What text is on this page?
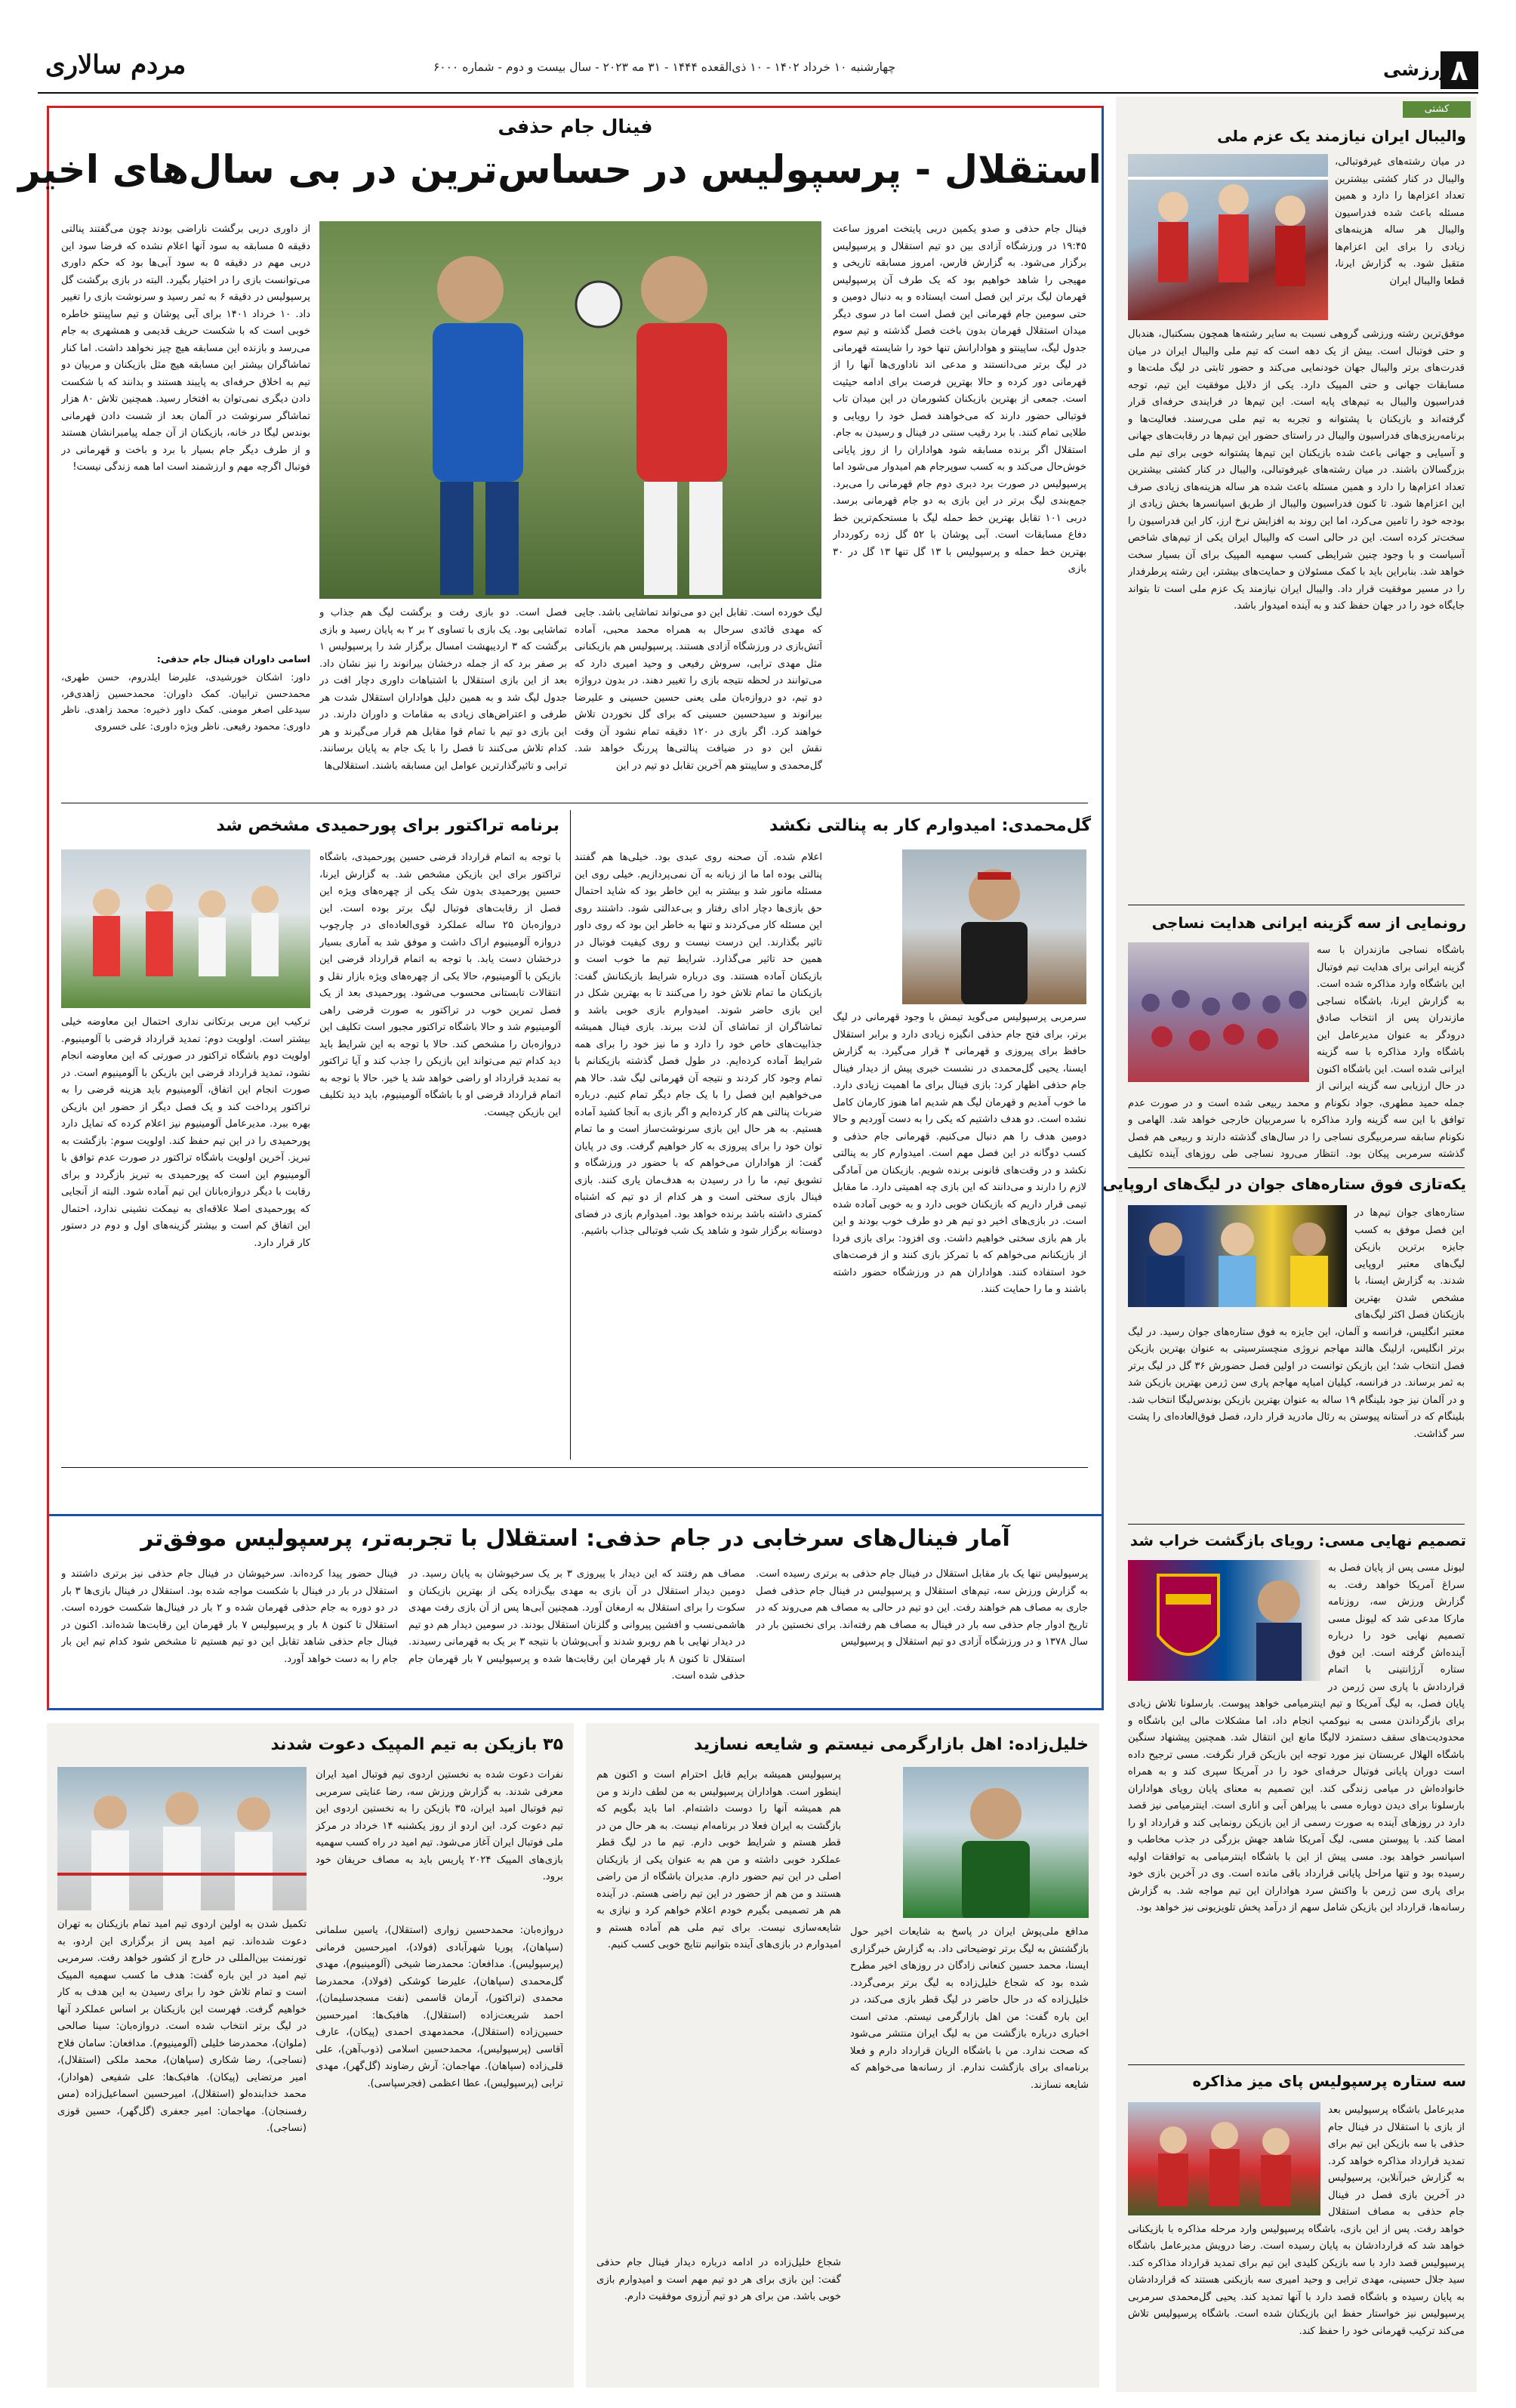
۸
ورزشی
چهارشنبه ۱۰ خرداد ۱۴۰۲ - ۱۰ ذی‌القعده ۱۴۴۴ - ۳۱ مه ۲۰۲۳ - سال بیست و دوم - شماره ۶۰۰۰
مردم سالاری
کشتی
والیبال ایران نیازمند یک عزم ملی
در میان رشته‌های غیرفوتبالی، والیبال در کنار کشتی بیشترین تعداد اعزام‌ها را دارد و همین مسئله باعث شده فدراسیون والیبال هر ساله هزینه‌های زیادی را برای این اعزام‌ها متقبل شود. به گزارش ایرنا، قطعا والیبال ایران
موفق‌ترین رشته ورزشی گروهی نسبت به سایر رشته‌ها همچون بسکتبال، هندبال و حتی فوتبال است. بیش از یک دهه است که تیم ملی والیبال ایران در میان قدرت‌های برتر والیبال جهان خودنمایی می‌کند و حضور ثابتی در لیگ ملت‌ها و مسابقات جهانی و حتی المپیک دارد. یکی از دلایل موفقیت این تیم، توجه فدراسیون والیبال به تیم‌های پایه است. این تیم‌ها در فرایندی حرفه‌ای قرار گرفته‌اند و بازیکنان با پشتوانه و تجربه به تیم ملی می‌رسند. فعالیت‌ها و برنامه‌ریزی‌های فدراسیون والیبال در راستای حضور این تیم‌ها در رقابت‌های جهانی و آسیایی و جهانی باعث شده بازیکنان این تیم‌ها پشتوانه خوبی برای تیم ملی بزرگسالان باشند. در میان رشته‌های غیرفوتبالی، والیبال در کنار کشتی بیشترین تعداد اعزام‌ها را دارد و همین مسئله باعث شده هر ساله هزینه‌های زیادی صرف این اعزام‌ها شود. تا کنون فدراسیون والیبال از طریق اسپانسرها بخش زیادی از بودجه خود را تامین می‌کرد، اما این روند به افزایش نرخ ارز، کار این فدراسیون را سخت‌تر کرده است. این در حالی است که والیبال ایران یکی از تیم‌های شاخص آسیاست و با وجود چنین شرایطی کسب سهمیه المپیک برای آن بسیار سخت خواهد شد. بنابراین باید با کمک مسئولان و حمایت‌های بیشتر، این رشته پرطرفدار را در مسیر موفقیت قرار داد. والیبال ایران نیازمند یک عزم ملی است تا بتواند جایگاه خود را در جهان حفظ کند و به آینده امیدوار باشد.
رونمایی از سه گزینه ایرانی هدایت نساجی
باشگاه نساجی مازندران با سه گزینه ایرانی برای هدایت تیم فوتبال این باشگاه وارد مذاکره شده است. به گزارش ایرنا، باشگاه نساجی مازندران پس از انتخاب صادق درودگر به عنوان مدیرعامل این باشگاه وارد مذاکره با سه گزینه ایرانی شده است. این باشگاه اکنون در حال ارزیابی سه گزینه ایرانی از جمله حمید مطهری، جواد نکونام و محمد ربیعی شده است و در صورت عدم توافق با این سه گزینه وارد مذاکره با سرمربیان خارجی خواهد شد. الهامی و نکونام سابقه سرمربیگری نساجی را در سال‌های گذشته دارند و ربیعی هم فصل گذشته سرمربی پیکان بود. انتظار می‌رود نساجی طی روزهای آینده تکلیف
یکه‌تازی فوق ستاره‌های جوان در لیگ‌های اروپایی
ستاره‌های جوان تیم‌ها در این فصل موفق به کسب جایزه برترین بازیکن لیگ‌های معتبر اروپایی شدند. به گزارش ایسنا، با مشخص شدن بهترین بازیکنان فصل اکثر لیگ‌های معتبر انگلیس، فرانسه و آلمان، این جایزه به فوق ستاره‌های جوان رسید. در لیگ برتر انگلیس، ارلینگ هالند مهاجم نروژی منچسترسیتی به عنوان بهترین بازیکن فصل انتخاب شد؛ این بازیکن توانست در اولین فصل حضورش ۳۶ گل در لیگ برتر به ثمر برساند. در فرانسه، کیلیان امباپه مهاجم پاری سن ژرمن بهترین بازیکن شد و در آلمان نیز جود بلینگام ۱۹ ساله به عنوان بهترین بازیکن بوندس‌لیگا انتخاب شد. بلینگام که در آستانه پیوستن به رئال مادرید قرار دارد، فصل فوق‌العاده‌ای را پشت سر گذاشت.
تصمیم نهایی مسی: رویای بازگشت خراب شد
لیونل مسی پس از پایان فصل به سراغ آمریکا خواهد رفت. به گزارش ورزش سه، روزنامه مارکا مدعی شد که لیونل مسی تصمیم نهایی خود را درباره آینده‌اش گرفته است. این فوق ستاره آرژانتینی با اتمام قراردادش با پاری سن ژرمن در پایان فصل، به لیگ آمریکا و تیم اینترمیامی خواهد پیوست. بارسلونا تلاش زیادی برای بازگرداندن مسی به نیوکمپ انجام داد، اما مشکلات مالی این باشگاه و محدودیت‌های سقف دستمزد لالیگا مانع این انتقال شد. همچنین پیشنهاد سنگین باشگاه الهلال عربستان نیز مورد توجه این بازیکن قرار نگرفت. مسی ترجیح داده است دوران پایانی فوتبال حرفه‌ای خود را در آمریکا سپری کند و به همراه خانواده‌اش در میامی زندگی کند. این تصمیم به معنای پایان رویای هواداران بارسلونا برای دیدن دوباره مسی با پیراهن آبی و اناری است. اینترمیامی نیز قصد دارد در روزهای آینده به صورت رسمی از این بازیکن رونمایی کند و قرارداد او را امضا کند. با پیوستن مسی، لیگ آمریکا شاهد جهش بزرگی در جذب مخاطب و اسپانسر خواهد بود. مسی پیش از این با باشگاه اینترمیامی به توافقات اولیه رسیده بود و تنها مراحل پایانی قرارداد باقی مانده است. وی در آخرین بازی خود برای پاری سن ژرمن با واکنش سرد هواداران این تیم مواجه شد. به گزارش رسانه‌ها، قرارداد این بازیکن شامل سهم از درآمد پخش تلویزیونی نیز خواهد بود.
سه ستاره پرسپولیس پای میز مذاکره
مدیرعامل باشگاه پرسپولیس بعد از بازی با استقلال در فینال جام حذفی با سه بازیکن این تیم برای تمدید قرارداد مذاکره خواهد کرد. به گزارش خبرآنلاین، پرسپولیس در آخرین بازی فصل در فینال جام حذفی به مصاف استقلال خواهد رفت. پس از این بازی، باشگاه پرسپولیس وارد مرحله مذاکره با بازیکنانی خواهد شد که قراردادشان به پایان رسیده است. رضا درویش مدیرعامل باشگاه پرسپولیس قصد دارد با سه بازیکن کلیدی این تیم برای تمدید قرارداد مذاکره کند. سید جلال حسینی، مهدی ترابی و وحید امیری سه بازیکنی هستند که قراردادشان به پایان رسیده و باشگاه قصد دارد با آنها تمدید کند. یحیی گل‌محمدی سرمربی پرسپولیس نیز خواستار حفظ این بازیکنان شده است. باشگاه پرسپولیس تلاش می‌کند ترکیب قهرمانی خود را حفظ کند.
فینال جام حذفی
استقلال - پرسپولیس در حساس‌ترین در بی سال‌های اخیر
فینال جام حذفی و صدو یکمین دربی پایتخت امروز ساعت ۱۹:۴۵ در ورزشگاه آزادی بین دو تیم استقلال و پرسپولیس برگزار می‌شود. به گزارش فارس، امروز مسابقه تاریخی و مهیجی را شاهد خواهیم بود که یک طرف آن پرسپولیس قهرمان لیگ برتر این فصل است ایستاده و به دنبال دومین و حتی سومین جام قهرمانی این فصل است اما در سوی دیگر میدان استقلال قهرمان بدون باخت فصل گذشته و تیم سوم جدول لیگ، ساپینتو و هوادارانش تنها خود را شایسته قهرمانی در لیگ برتر می‌دانستند و مدعی اند ناداوری‌ها آنها را از قهرمانی دور کرده و حالا بهترین فرصت برای ادامه حیثیت است. جمعی از بهترین بازیکنان کشورمان در این میدان تاب فوتبالی حضور دارند که می‌خواهند فصل خود را رویایی و طلایی تمام کنند. با برد رقیب سنتی در فینال و رسیدن به جام. استقلال اگر برنده مسابقه شود هواداران را از روز پایانی خوش‌حال می‌کند و به کسب سوپرجام هم امیدوار می‌شود اما پرسپولیس در صورت برد دبری دوم جام قهرمانی را می‌برد. جمع‌بندی لیگ برتر در این بازی به دو جام قهرمانی برسد. دربی ۱۰۱ تقابل بهترین خط حمله لیگ با مستحکم‌ترین خط دفاع مسابقات است. آبی پوشان با ۵۲ گل زده رکورددار بهترین خط حمله و پرسپولیس با ۱۳ گل تنها ۱۳ گل در ۳۰ بازی
از داوری دربی برگشت ناراضی بودند چون می‌گفتند پنالتی دقیقه ۵ مسابقه به سود آنها اعلام نشده که فرضا سود این دربی مهم در دقیقه ۵ به سود آبی‌ها بود که حکم داوری می‌توانست بازی را در اختیار بگیرد. البته در بازی برگشت گل پرسپولیس در دقیقه ۶ به ثمر رسید و سرنوشت بازی را تغییر داد. ۱۰ خرداد ۱۴۰۱ برای آبی پوشان و تیم ساپینتو خاطره خوبی است که با شکست حریف قدیمی و همشهری به جام می‌رسد و بازنده این مسابقه هیچ چیز نخواهد داشت. اما کنار تماشاگران بیشتر این مسابقه هیچ مثل بازیکنان و مربیان دو تیم به اخلاق حرفه‌ای به پایبند هستند و بدانند که با شکست دادن دیگری نمی‌توان به افتخار رسید. همچنین تلاش ۸۰ هزار تماشاگر سرنوشت در آلمان بعد از شست دادن قهرمانی بوندس لیگا در خانه، بازیکنان از آن جمله پیامبرانشان هستند و از طرف دیگر جام بسیار با برد و باخت و قهرمانی در فوتبال اگرچه مهم و ارزشمند است اما همه زندگی نیست!
اسامی داوران فینال جام حذفی:
داور: اشکان خورشیدی، علیرضا ایلدروم، حسن طهری، محمدحسن ترابیان. کمک داوران: محمدحسین زاهدی‌فر، سیدعلی اصغر مومنی. کمک داور ذخیره: محمد زاهدی. ناظر داوری: محمود رفیعی. ناظر ویژه داوری: علی خسروی
لیگ خورده است. تقابل این دو می‌تواند تماشایی باشد. جایی که مهدی قائدی سرحال به همراه محمد محبی، آماده آتش‌بازی در ورزشگاه آزادی هستند. پرسپولیس هم بازیکنانی مثل مهدی ترابی، سروش رفیعی و وحید امیری دارد که می‌توانند در لحظه نتیجه بازی را تغییر دهند. در بدون درواژه دو تیم، دو دروازه‌بان ملی یعنی حسین حسینی و علیرضا بیرانوند و سیدحسین حسینی که برای گل نخوردن تلاش خواهند کرد. اگر بازی در ۱۲۰ دقیقه تمام نشود آن وقت نقش این دو در ضیافت پنالتی‌ها پررنگ خواهد شد. گل‌محمدی و ساپینتو هم آخرین تقابل دو تیم در این
فصل است. دو بازی رفت و برگشت لیگ هم جذاب و تماشایی بود. یک بازی با تساوی ۲ بر ۲ به پایان رسید و بازی برگشت که ۳ اردیبهشت امسال برگزار شد را پرسپولیس ۱ بر صفر برد که از جمله درخشان بیرانوند را نیز نشان داد. بعد از این بازی استقلال با اشتباهات داوری دچار افت در جدول لیگ شد و به همین دلیل هواداران استقلال شدت هر طرفی و اعتراض‌های زیادی به مقامات و داوران دارند. در این بازی دو تیم با تمام قوا مقابل هم قرار می‌گیرند و هر کدام تلاش می‌کنند تا فصل را با یک جام به پایان برسانند. ترابی و تاثیرگذارترین عوامل این مسابقه باشند. استقلالی‌ها
گل‌محمدی: امیدوارم کار به پنالتی نکشد
سرمربی پرسپولیس می‌گوید تیمش با وجود قهرمانی در لیگ برتر، برای فتح جام حذفی انگیزه زیادی دارد و برابر استقلال حافظ برای پیروزی و قهرمانی ۴ قرار می‌گیرد. به گزارش ایسنا، یحیی گل‌محمدی در نشست خبری پیش از دیدار فینال جام حذفی اظهار کرد: بازی فینال برای ما اهمیت زیادی دارد. ما خوب آمدیم و قهرمان لیگ هم شدیم اما هنوز کارمان کامل نشده است. دو هدف داشتیم که یکی را به دست آوردیم و حالا دومین هدف را هم دنبال می‌کنیم. قهرمانی جام حذفی و کسب دوگانه در این فصل مهم است. امیدوارم کار به پنالتی نکشد و در وقت‌های قانونی برنده شویم. بازیکنان من آمادگی لازم را دارند و می‌دانند که این بازی چه اهمیتی دارد. ما مقابل تیمی قرار داریم که بازیکنان خوبی دارد و به خوبی آماده شده است. در بازی‌های اخیر دو تیم هر دو طرف خوب بودند و این بار هم بازی سختی خواهیم داشت. وی افزود: برای بازی فردا از بازیکنانم می‌خواهم که با تمرکز بازی کنند و از فرصت‌های خود استفاده کنند. هواداران هم در ورزشگاه حضور داشته باشند و ما را حمایت کنند.
اعلام شده. آن صحنه روی عبدی بود. خیلی‌ها هم گفتند پنالتی بوده اما ما از زبانه به آن نمی‌پردازیم. خیلی روی این مسئله مانور شد و بیشتر به این خاطر بود که شاید احتمال حق بازی‌ها دچار ادای رفتار و بی‌عدالتی شود. داشتند روی این مسئله کار می‌کردند و تنها به خاطر این بود که روی داور تاثیر بگذارند. این درست نیست و روی کیفیت فوتبال در همین حد تاثیر می‌گذارد. شرایط تیم ما خوب است و بازیکنان آماده هستند. وی درباره شرایط بازیکنانش گفت: بازیکنان ما تمام تلاش خود را می‌کنند تا به بهترین شکل در این بازی حاضر شوند. امیدوارم بازی خوبی باشد و تماشاگران از تماشای آن لذت ببرند. بازی فینال همیشه جذابیت‌های خاص خود را دارد و ما نیز خود را برای همه شرایط آماده کرده‌ایم. در طول فصل گذشته بازیکنانم با تمام وجود کار کردند و نتیجه آن قهرمانی لیگ شد. حالا هم می‌خواهیم این فصل را با یک جام دیگر تمام کنیم. درباره ضربات پنالتی هم کار کرده‌ایم و اگر بازی به آنجا کشید آماده هستیم. به هر حال این بازی سرنوشت‌ساز است و ما تمام توان خود را برای پیروزی به کار خواهیم گرفت. وی در پایان گفت: از هواداران می‌خواهم که با حضور در ورزشگاه و تشویق تیم، ما را در رسیدن به هدف‌مان یاری کنند. بازی فینال بازی سختی است و هر کدام از دو تیم که اشتباه کمتری داشته باشد برنده خواهد بود. امیدوارم بازی در فضای دوستانه برگزار شود و شاهد یک شب فوتبالی جذاب باشیم.
برنامه تراکتور برای پورحمیدی مشخص شد
با توجه به اتمام قرارداد قرضی حسین پورحمیدی، باشگاه تراکتور برای این بازیکن مشخص شد. به گزارش ایرنا، حسین پورحمیدی بدون شک یکی از چهره‌های ویژه این فصل از رقابت‌های فوتبال لیگ برتر بوده است. این دروازه‌بان ۲۵ ساله عملکرد قوی‌العاده‌ای در چارچوب دروازه آلومینیوم اراک داشت و موفق شد به آماری بسیار درخشان دست یابد. با توجه به اتمام قرارداد قرضی این بازیکن با آلومینیوم، حالا یکی از چهره‌های ویژه بازار نقل و انتقالات تابستانی محسوب می‌شود. پورحمیدی بعد از یک فصل تمرین خوب در تراکتور به صورت قرضی راهی آلومینیوم شد و حالا باشگاه تراکتور مجبور است تکلیف این دروازه‌بان را مشخص کند. حالا با توجه به این شرایط باید دید کدام تیم می‌تواند این بازیکن را جذب کند و آیا تراکتور به تمدید قرارداد او راضی خواهد شد یا خیر. حالا با توجه به اتمام قرارداد قرضی او با باشگاه آلومینیوم، باید دید تکلیف این بازیکن چیست.
ترکیب این مربی برتکانی نداری احتمال این معاوضه خیلی بیشتر است. اولویت دوم: تمدید قرارداد قرضی با آلومینیوم. اولویت دوم باشگاه تراکتور در صورتی که این معاوضه انجام نشود، تمدید قرارداد قرضی این بازیکن با آلومینیوم است. در صورت انجام این اتفاق، آلومینیوم باید هزینه قرضی را به تراکتور پرداخت کند و یک فصل دیگر از حضور این بازیکن بهره ببرد. مدیرعامل آلومینیوم نیز اعلام کرده که تمایل دارد پورحمیدی را در این تیم حفظ کند. اولویت سوم: بازگشت به تبریز. آخرین اولویت باشگاه تراکتور در صورت عدم توافق با آلومینیوم این است که پورحمیدی به تبریز بازگردد و برای رقابت با دیگر دروازه‌بانان این تیم آماده شود. البته از آنجایی که پورحمیدی اصلا علاقه‌ای به نیمکت نشینی ندارد، احتمال این اتفاق کم است و بیشتر گزینه‌های اول و دوم در دستور کار قرار دارد.
آمار فینال‌های سرخابی در جام حذفی: استقلال با تجربه‌تر، پرسپولیس موفق‌تر
پرسپولیس تنها یک بار مقابل استقلال در فینال جام حذفی به برتری رسیده است. به گزارش ورزش سه، تیم‌های استقلال و پرسپولیس در فینال جام حذفی فصل جاری به مصاف هم خواهند رفت. این دو تیم در حالی به مصاف هم می‌روند که در تاریخ ادوار جام حذفی سه بار در فینال به مصاف هم رفته‌اند. برای نخستین بار در سال ۱۳۷۸ و در ورزشگاه آزادی دو تیم استقلال و پرسپولیس
مصاف هم رفتند که این دیدار با پیروزی ۳ بر یک سرخپوشان به پایان رسید. در دومین دیدار استقلال در آن بازی به مهدی بیگ‌زاده یکی از بهترین بازیکنان و سکوت را برای استقلال به ارمغان آورد. همچنین آبی‌ها پس از آن بازی رفت مهدی هاشمی‌نسب و افشین پیروانی و گلزنان استقلال بودند. در سومین دیدار هم دو تیم در دیدار نهایی با هم روبرو شدند و آبی‌پوشان با نتیجه ۳ بر یک به قهرمانی رسیدند. استقلال تا کنون ۸ بار قهرمان این رقابت‌ها شده و پرسپولیس ۷ بار قهرمان جام حذفی شده است.
فینال حضور پیدا کرده‌اند. سرخپوشان در فینال جام حذفی نیز برتری داشتند و استقلال در بار در فینال با شکست مواجه شده بود. استقلال در فینال بازی‌ها ۳ بار در دو دوره به جام حذفی قهرمان شده و ۲ بار در فینال‌ها شکست خورده است. استقلال تا کنون ۸ بار و پرسپولیس ۷ بار قهرمان این رقابت‌ها شده‌اند. اکنون در فینال جام حذفی شاهد تقابل این دو تیم هستیم تا مشخص شود کدام تیم این بار جام را به دست خواهد آورد.
خلیل‌زاده: اهل بازارگرمی نیستم و شایعه نسازید
مدافع ملی‌پوش ایران در پاسخ به شایعات اخیر حول بازگشتش به لیگ برتر توضیحاتی داد. به گزارش خبرگزاری ایسنا، محمد حسین کنعانی زادگان در روزهای اخیر مطرح شده بود که شجاع خلیل‌زاده به لیگ برتر برمی‌گردد. خلیل‌زاده که در حال حاضر در لیگ قطر بازی می‌کند، در این باره گفت: من اهل بازارگرمی نیستم. مدتی است اخباری درباره بازگشت من به لیگ ایران منتشر می‌شود که صحت ندارد. من با باشگاه الریان قرارداد دارم و فعلا برنامه‌ای برای بازگشت ندارم. از رسانه‌ها می‌خواهم که شایعه نسازند.
پرسپولیس همیشه برایم قابل احترام است و اکنون هم اینطور است. هواداران پرسپولیس به من لطف دارند و من هم همیشه آنها را دوست داشته‌ام. اما باید بگویم که بازگشت به ایران فعلا در برنامه‌ام نیست. به هر حال من در قطر هستم و شرایط خوبی دارم. تیم ما در لیگ قطر عملکرد خوبی داشته و من هم به عنوان یکی از بازیکنان اصلی در این تیم حضور دارم. مدیران باشگاه از من راضی هستند و من هم از حضور در این تیم راضی هستم. در آینده هم هر تصمیمی بگیرم خودم اعلام خواهم کرد و نیازی به شایعه‌سازی نیست. برای تیم ملی هم آماده هستم و امیدوارم در بازی‌های آینده بتوانیم نتایج خوبی کسب کنیم.
شجاع خلیل‌زاده در ادامه درباره دیدار فینال جام حذفی گفت: این بازی برای هر دو تیم مهم است و امیدوارم بازی خوبی باشد. من برای هر دو تیم آرزوی موفقیت دارم.
۳۵ بازیکن به تیم المپیک دعوت شدند
نفرات دعوت شده به نخستین اردوی تیم فوتبال امید ایران معرفی شدند. به گزارش ورزش سه، رضا عنایتی سرمربی تیم فوتبال امید ایران، ۳۵ بازیکن را به نخستین اردوی این تیم دعوت کرد. این اردو از روز یکشنبه ۱۴ خرداد در مرکز ملی فوتبال ایران آغاز می‌شود. تیم امید در راه کسب سهمیه بازی‌های المپیک ۲۰۲۴ پاریس باید به مصاف حریفان خود برود.
دروازه‌بان: محمدحسین زواری (استقلال)، یاسین سلمانی (سپاهان)، پوریا شهرآبادی (فولاد)، امیرحسین فرمانی (پرسپولیس). مدافعان: محمدرضا شیخی (آلومینیوم)، مهدی گل‌محمدی (سپاهان)، علیرضا کوشکی (فولاد)، محمدرضا محمدی (تراکتور)، آرمان قاسمی (نفت مسجدسلیمان)، احمد شریعت‌زاده (استقلال). هافبک‌ها: امیرحسین حسین‌زاده (استقلال)، محمدمهدی احمدی (پیکان)، عارف آقاسی (پرسپولیس)، محمدحسین اسلامی (ذوب‌آهن)، علی قلی‌زاده (سپاهان). مهاجمان: آرش رضاوند (گل‌گهر)، مهدی ترابی (پرسپولیس)، عطا اعظمی (فجرسپاسی).
تکمیل شدن به اولین اردوی تیم امید تمام بازیکنان به تهران دعوت شده‌اند. تیم امید پس از برگزاری این اردو، به تورنمنت بین‌المللی در خارج از کشور خواهد رفت. سرمربی تیم امید در این باره گفت: هدف ما کسب سهمیه المپیک است و تمام تلاش خود را برای رسیدن به این هدف به کار خواهیم گرفت. فهرست این بازیکنان بر اساس عملکرد آنها در لیگ برتر انتخاب شده است. دروازه‌بان: سینا صالحی (ملوان)، محمدرضا خلیلی (آلومینیوم). مدافعان: سامان فلاح (نساجی)، رضا شکاری (سپاهان)، محمد ملکی (استقلال)، امیر مرتضایی (پیکان). هافبک‌ها: علی شفیعی (هوادار)، محمد خدابنده‌لو (استقلال)، امیرحسین اسماعیل‌زاده (مس رفسنجان). مهاجمان: امیر جعفری (گل‌گهر)، حسین قوزی (نساجی).
